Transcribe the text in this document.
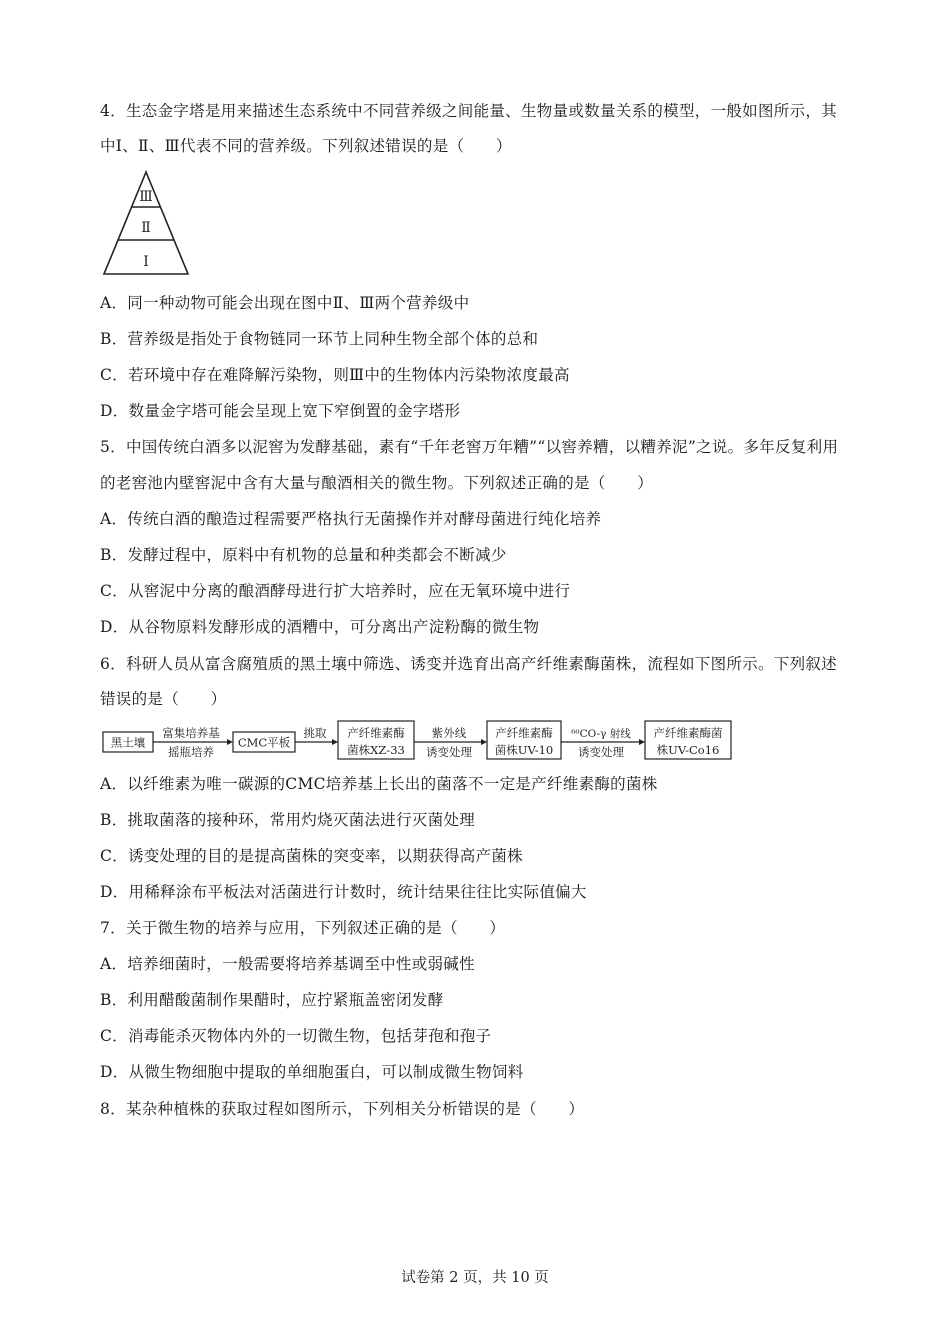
4．生态金字塔是用来描述生态系统中不同营养级之间能量、生物量或数量关系的模型，一般如图所示，其
中Ⅰ、Ⅱ、Ⅲ代表不同的营养级。下列叙述错误的是（　　）
Ⅲ
Ⅱ
Ⅰ
A．同一种动物可能会出现在图中Ⅱ、Ⅲ两个营养级中
B．营养级是指处于食物链同一环节上同种生物全部个体的总和
C．若环境中存在难降解污染物，则Ⅲ中的生物体内污染物浓度最高
D．数量金字塔可能会呈现上宽下窄倒置的金字塔形
5．中国传统白酒多以泥窖为发酵基础，素有“千年老窖万年糟”“以窖养糟，以糟养泥”之说。多年反复利用
的老窖池内壁窖泥中含有大量与酿酒相关的微生物。下列叙述正确的是（　　）
A．传统白酒的酿造过程需要严格执行无菌操作并对酵母菌进行纯化培养
B．发酵过程中，原料中有机物的总量和种类都会不断减少
C．从窖泥中分离的酿酒酵母进行扩大培养时，应在无氧环境中进行
D．从谷物原料发酵形成的酒糟中，可分离出产淀粉酶的微生物
6．科研人员从富含腐殖质的黑土壤中筛选、诱变并选育出高产纤维素酶菌株，流程如下图所示。下列叙述
错误的是（　　）
黑土壤
富集培养基
摇瓶培养
CMC平板
挑取 产纤维素酶
菌株XZ-33
紫外线
诱变处理
产纤维素酶
菌株UV-10
⁶⁰CO-γ 射线
诱变处理
产纤维素酶菌
株UV-Co16
A．以纤维素为唯一碳源的CMC培养基上长出的菌落不一定是产纤维素酶的菌株
B．挑取菌落的接种环，常用灼烧灭菌法进行灭菌处理
C．诱变处理的目的是提高菌株的突变率，以期获得高产菌株
D．用稀释涂布平板法对活菌进行计数时，统计结果往往比实际值偏大
7．关于微生物的培养与应用，下列叙述正确的是（　　）
A．培养细菌时，一般需要将培养基调至中性或弱碱性
B．利用醋酸菌制作果醋时，应拧紧瓶盖密闭发酵
C．消毒能杀灭物体内外的一切微生物，包括芽孢和孢子
D．从微生物细胞中提取的单细胞蛋白，可以制成微生物饲料
8．某杂种植株的获取过程如图所示，下列相关分析错误的是（　　）
试卷第 2 页，共 10 页
